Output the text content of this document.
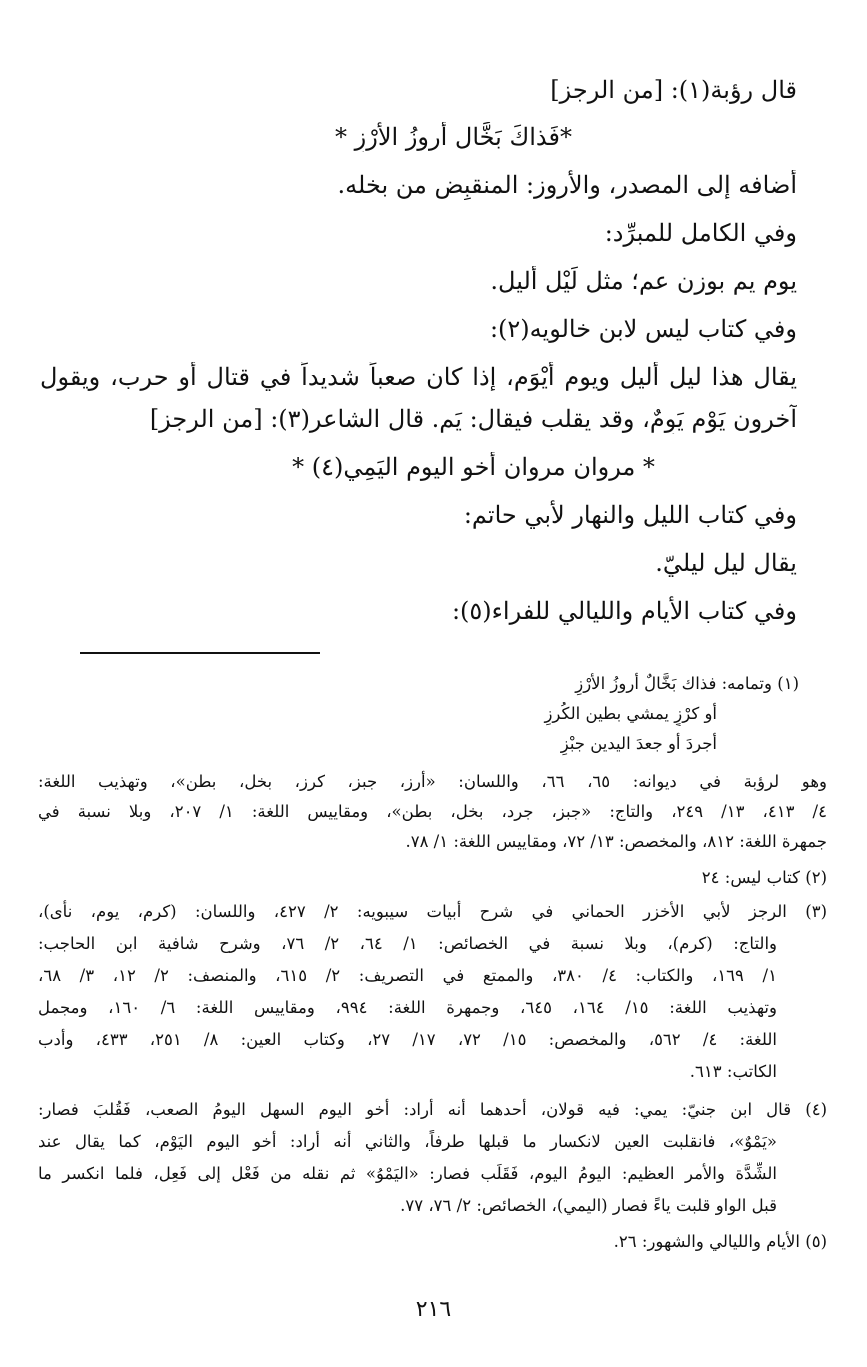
قال رؤبة(١): [من الرجز]
*فَذاكَ بَخَّال أَروزُ الأرْزِ *
أضافه إلى المصدر، والأروز: المنقبِض من بخله.
وفي الكامل للمبرِّد:
يوم يم بوزن عم؛ مثل لَيْل أليل.
وفي كتاب ليس لابن خالويه(٢):
يقال هذا ليل أليل ويوم أيْوَم، إذا كان صعباً شديداً في قتال أو حرب، ويقول
آخرون يَوْم يَوِمٌ، وقد يقلب فيقال: يَمِ. قال الشاعر(٣): [من الرجز]
* مروان مروان أخو اليوم اليَمِي(٤) *
وفي كتاب الليل والنهار لأبي حاتم:
يقال ليل ليليّ.
وفي كتاب الأيام والليالي للفراء(٥):
(١) وتمامه: فذاك بَخَّالٌ أروزُ الأرْزِ
أو كرْزٍ يمشي بطين الكُرزِ
أجردَ أو جعدَ اليدين جبْزِ
وهو لرؤبة في ديوانه: ٦٥، ٦٦، واللسان: «أرز، جبز، كرز، بخل، بطن»، وتهذيب اللغة:
٤/ ٤١٣، ١٣/ ٢٤٩، والتاج: «جبز، جرد، بخل، بطن»، ومقاييس اللغة: ١/ ٢٠٧، وبلا نسبة في
جمهرة اللغة: ٨١٢، والمخصص: ١٣/ ٧٢، ومقاييس اللغة: ١/ ٧٨.
(٢) كتاب ليس: ٢٤
(٣) الرجز لأبي الأخزر الحماني في شرح أبيات سيبويه: ٢/ ٤٢٧، واللسان: (كرم، يوم، نأى)،
والتاج: (كرم)، وبلا نسبة في الخصائص: ١/ ٦٤، ٢/ ٧٦، وشرح شافية ابن الحاجب:
١/ ١٦٩، والكتاب: ٤/ ٣٨٠، والممتع في التصريف: ٢/ ٦١٥، والمنصف: ٢/ ١٢، ٣/ ٦٨،
وتهذيب اللغة: ١٥/ ١٦٤، ٦٤٥، وجمهرة اللغة: ٩٩٤، ومقاييس اللغة: ٦/ ١٦٠، ومجمل
اللغة: ٤/ ٥٦٢، والمخصص: ١٥/ ٧٢، ١٧/ ٢٧، وكتاب العين: ٨/ ٢٥١، ٤٣٣، وأدب
الكاتب: ٦١٣.
(٤) قال ابن جنيّ: يمي: فيه قولان، أحدهما أنه أراد: أخو اليوم السهل اليومُ الصعب، فَقُلبَ فصار:
«يَمْوٌ»، فانقلبت العين لانكسار ما قبلها طرفاً، والثاني أنه أراد: أخو اليوم اليَوْم، كما يقال عند
الشِّدَّة والأمر العظيم: اليومُ اليوم، فَقَلَب فصار: «اليَمْوُ» ثم نقله من فَعْل إلى فَعِل، فلما انكسر ما
قبل الواو قلبت ياءً فصار (اليمي)، الخصائص: ٢/ ٧٦، ٧٧.
(٥) الأيام والليالي والشهور: ٢٦.
٢١٦
